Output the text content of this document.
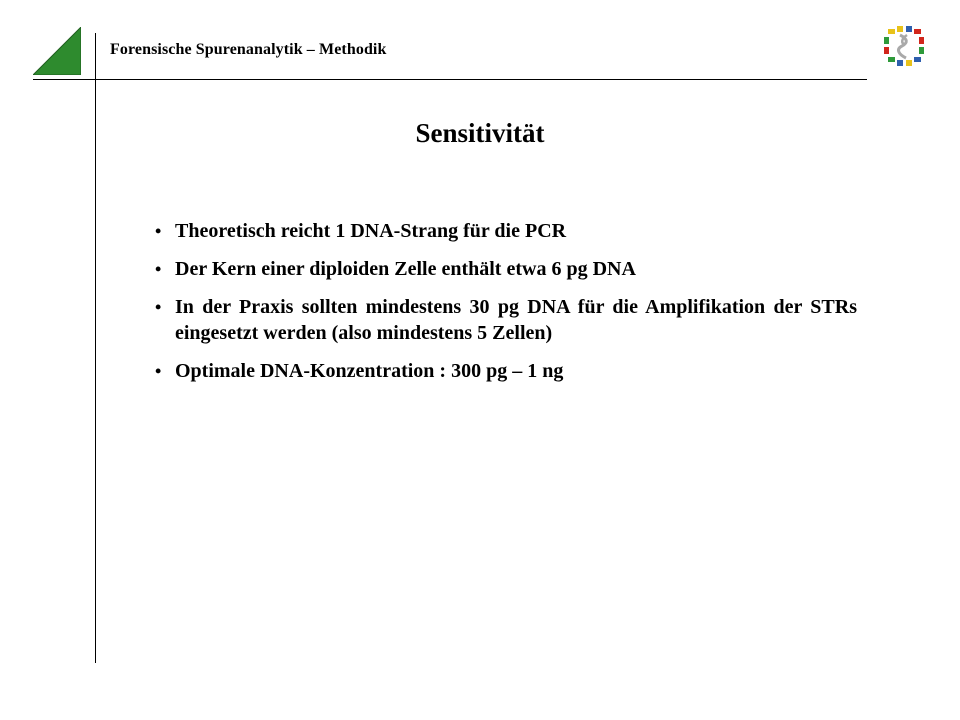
Forensische Spurenanalytik – Methodik
Sensitivität
• Theoretisch reicht 1 DNA-Strang für die PCR
• Der Kern einer diploiden Zelle enthält etwa 6 pg DNA
• In der Praxis sollten mindestens 30 pg DNA für die Amplifikation der STRs eingesetzt werden (also mindestens 5 Zellen)
• Optimale DNA-Konzentration : 300 pg – 1 ng
